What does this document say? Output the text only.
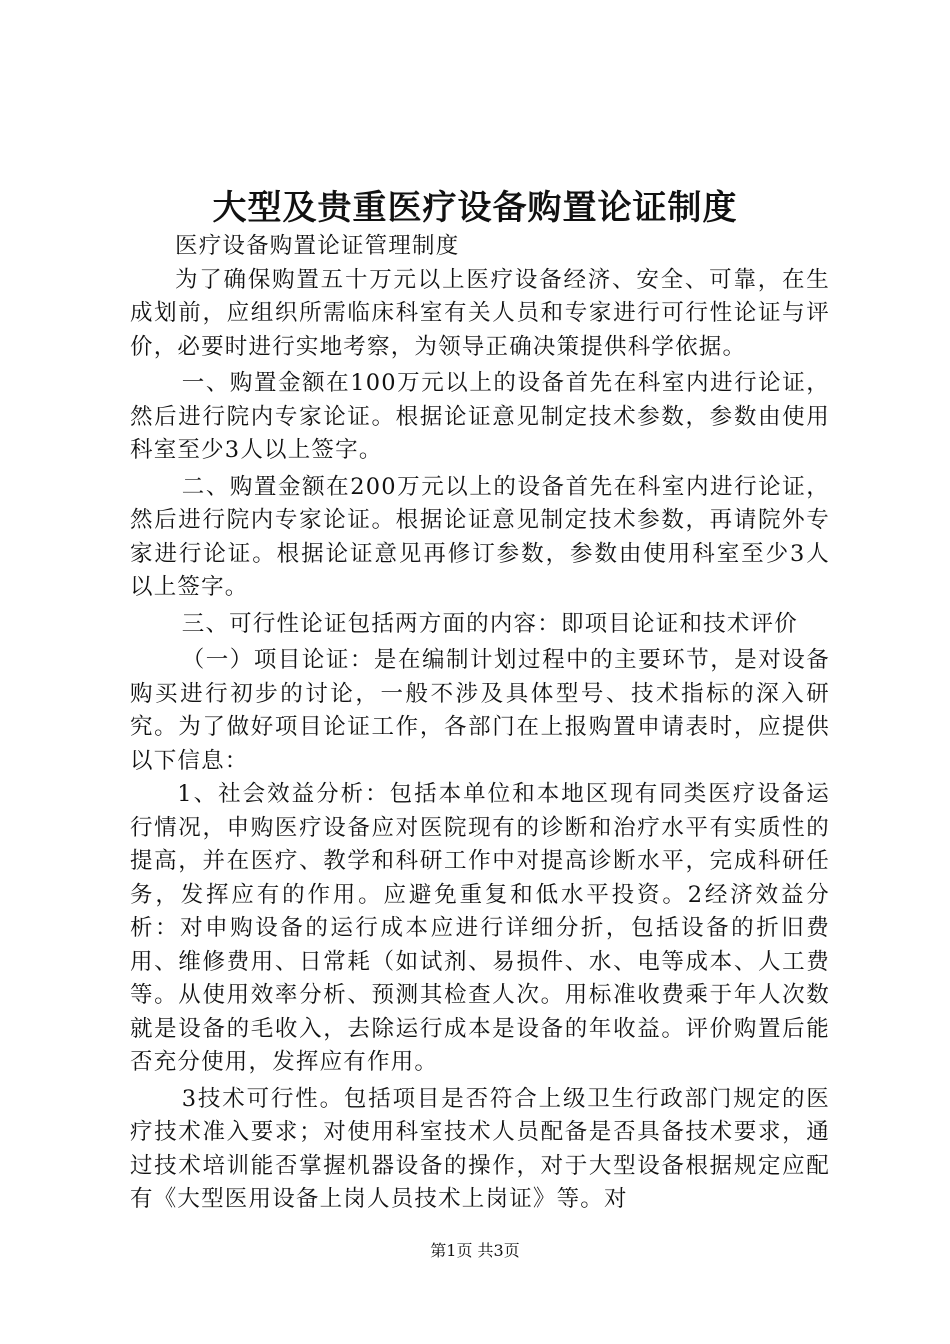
大型及贵重医疗设备购置论证制度

医疗设备购置论证管理制度

为了确保购置五十万元以上医疗设备经济、安全、可靠，在生成划前，应组织所需临床科室有关人员和专家进行可行性论证与评价，必要时进行实地考察，为领导正确决策提供科学依据。

一、购置金额在100万元以上的设备首先在科室内进行论证，然后进行院内专家论证。根据论证意见制定技术参数，参数由使用科室至少3人以上签字。

二、购置金额在200万元以上的设备首先在科室内进行论证，然后进行院内专家论证。根据论证意见制定技术参数，再请院外专家进行论证。根据论证意见再修订参数，参数由使用科室至少3人以上签字。

三、可行性论证包括两方面的内容：即项目论证和技术评价

（一）项目论证：是在编制计划过程中的主要环节，是对设备购买进行初步的讨论，一般不涉及具体型号、技术指标的深入研究。为了做好项目论证工作，各部门在上报购置申请表时，应提供以下信息：

1、社会效益分析：包括本单位和本地区现有同类医疗设备运行情况，申购医疗设备应对医院现有的诊断和治疗水平有实质性的提高，并在医疗、教学和科研工作中对提高诊断水平，完成科研任务，发挥应有的作用。应避免重复和低水平投资。2经济效益分析：对申购设备的运行成本应进行详细分折，包括设备的折旧费用、维修费用、日常耗（如试剂、易损件、水、电等成本、人工费等。从使用效率分析、预测其检查人次。用标准收费乘于年人次数就是设备的毛收入，去除运行成本是设备的年收益。评价购置后能否充分使用，发挥应有作用。

3技术可行性。包括项目是否符合上级卫生行政部门规定的医疗技术准入要求；对使用科室技术人员配备是否具备技术要求，通过技术培训能否掌握机器设备的操作，对于大型设备根据规定应配有《大型医用设备上岗人员技术上岗证》等。对

第1页 共3页
